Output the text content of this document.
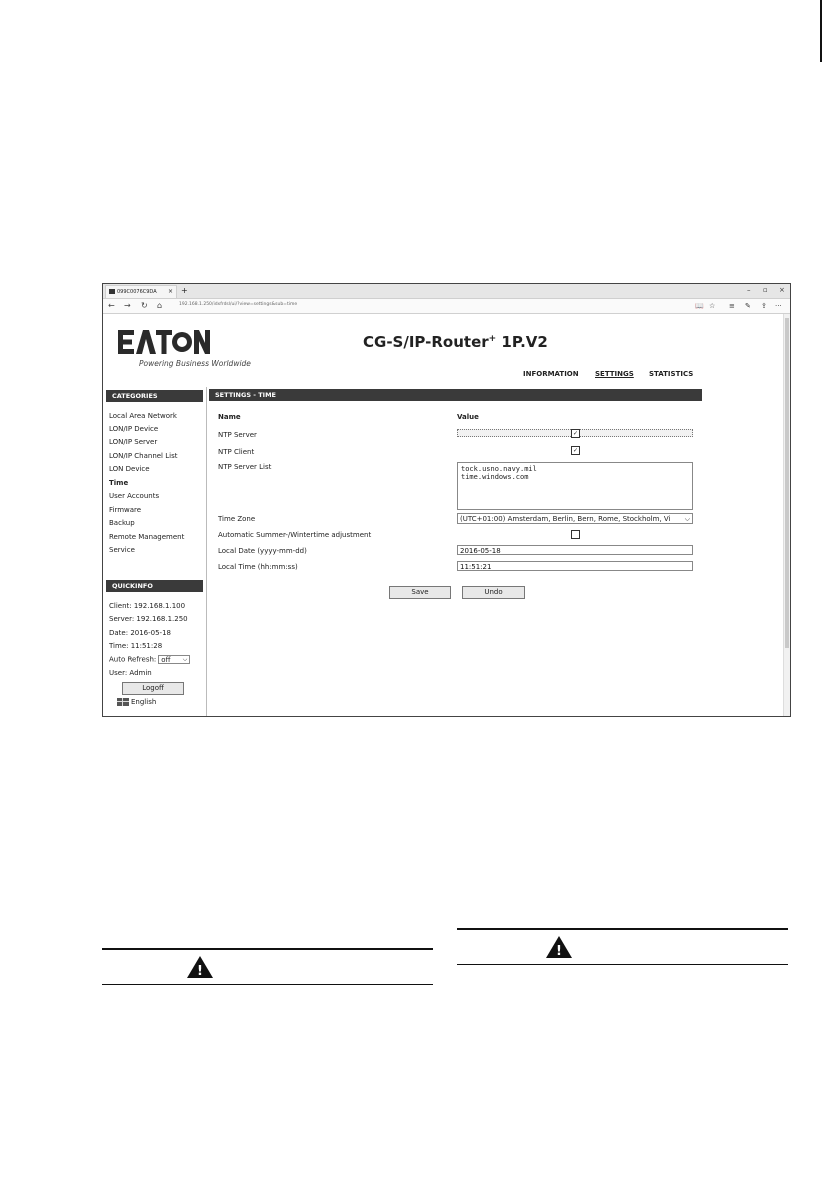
099C0076C9DA × +	– ▫ ×
← → ↻ ⌂	192.168.1.250/idxfrdsl/ui/?view=settings&sub=time	📖 ☆ ≡ ✎ ⇪ ···
Powering Business Worldwide
CG-S/IP-Router+ 1P.V2
INFORMATION SETTINGS STATISTICS
CATEGORIES
Local Area Network
LON/IP Device
LON/IP Server
LON/IP Channel List
LON Device
Time
User Accounts
Firmware
Backup
Remote Management
Service
QUICKINFO
Client: 192.168.1.100
Server: 192.168.1.250
Date: 2016-05-18
Time: 11:51:28
Auto Refresh: off ⌵
User: Admin
Logoff
English
SETTINGS - TIME
Name	Value
NTP Server	✓
NTP Client	✓
NTP Server List	tock.usno.navy.mil
time.windows.com
Time Zone	(UTC+01:00) Amsterdam, Berlin, Bern, Rome, Stockholm, Vi ⌵
Automatic Summer-/Wintertime adjustment
Local Date (yyyy-mm-dd)	2016-05-18
Local Time (hh:mm:ss)	11:51:21
Save	Undo
!
!
